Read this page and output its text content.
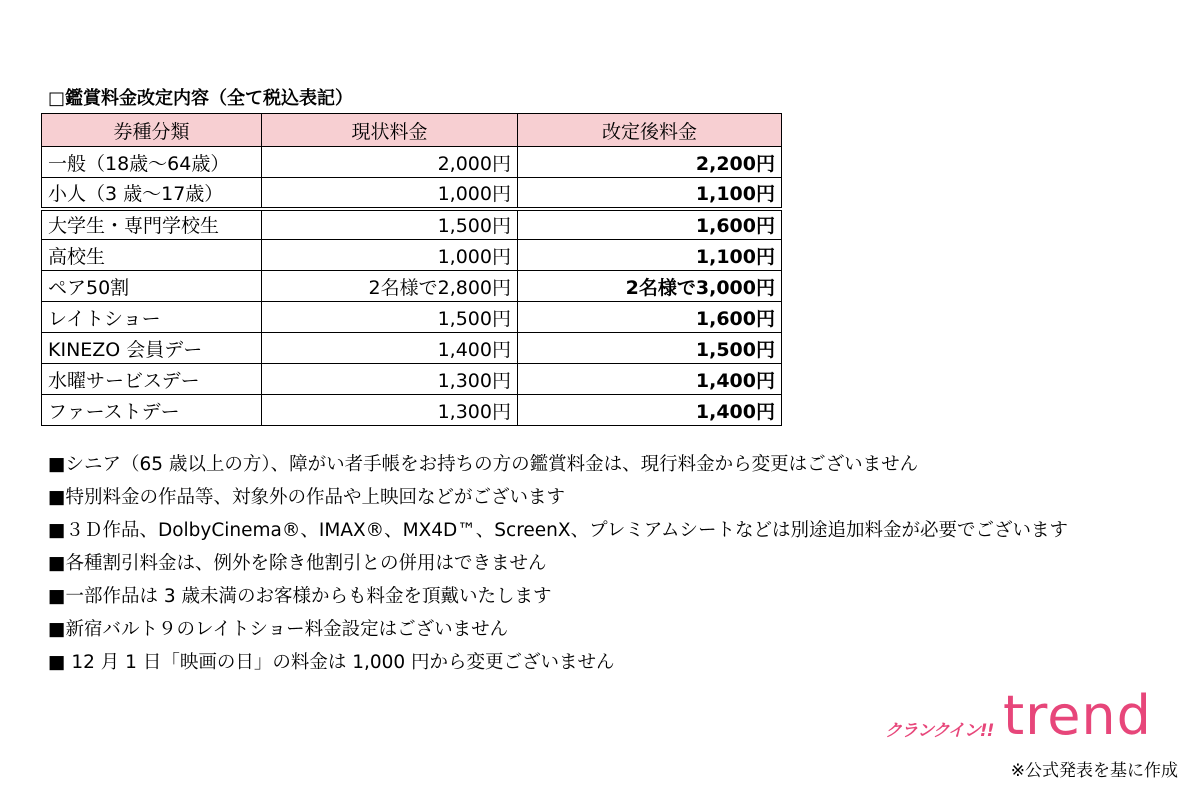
□鑑賞料金改定内容（全て税込表記）
券種分類	現状料金	改定後料金
一般（18歳〜64歳）	2,000円	2,200円
小人（3 歳〜17歳）	1,000円	1,100円
大学生・専門学校生	1,500円	1,600円
高校生	1,000円	1,100円
ペア50割	2名様で2,800円	2名様で3,000円
レイトショー	1,500円	1,600円
KINEZO 会員デー	1,400円	1,500円
水曜サービスデー	1,300円	1,400円
ファーストデー	1,300円	1,400円
■シニア（65 歳以上の方）、障がい者手帳をお持ちの方の鑑賞料金は、現行料金から変更はございません
■特別料金の作品等、対象外の作品や上映回などがございます
■３Ｄ作品、DolbyCinema®、IMAX®、MX4D™、ScreenX、プレミアムシートなどは別途追加料金が必要でございます
■各種割引料金は、例外を除き他割引との併用はできません
■一部作品は 3 歳未満のお客様からも料金を頂戴いたします
■新宿バルト９のレイトショー料金設定はございません
■ 12 月 1 日「映画の日」の料金は 1,000 円から変更ございません
クランクイン!! trend
※公式発表を基に作成
